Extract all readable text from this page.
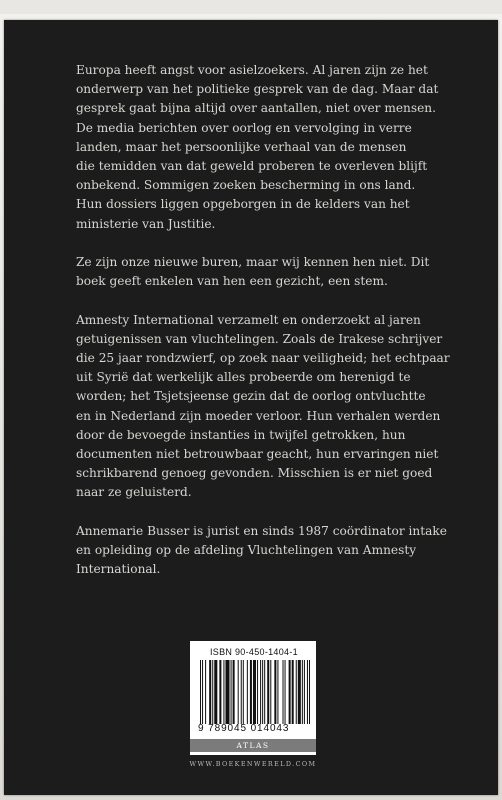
Europa heeft angst voor asielzoekers. Al jaren zijn ze het
onderwerp van het politieke gesprek van de dag. Maar dat
gesprek gaat bijna altijd over aantallen, niet over mensen.
De media berichten over oorlog en vervolging in verre
landen, maar het persoonlijke verhaal van de mensen
die temidden van dat geweld proberen te overleven blijft
onbekend. Sommigen zoeken bescherming in ons land.
Hun dossiers liggen opgeborgen in de kelders van het
ministerie van Justitie.

Ze zijn onze nieuwe buren, maar wij kennen hen niet. Dit
boek geeft enkelen van hen een gezicht, een stem.

Amnesty International verzamelt en onderzoekt al jaren
getuigenissen van vluchtelingen. Zoals de Irakese schrijver
die 25 jaar rondzwierf, op zoek naar veiligheid; het echtpaar
uit Syrië dat werkelijk alles probeerde om herenigd te
worden; het Tsjetsjeense gezin dat de oorlog ontvluchtte
en in Nederland zijn moeder verloor. Hun verhalen werden
door de bevoegde instanties in twijfel getrokken, hun
documenten niet betrouwbaar geacht, hun ervaringen niet
schrikbarend genoeg gevonden. Misschien is er niet goed
naar ze geluisterd.

Annemarie Busser is jurist en sinds 1987 coördinator intake
en opleiding op de afdeling Vluchtelingen van Amnesty
International.

ISBN 90-450-1404-1
9 789045 014043
ATLAS
WWW.BOEKENWERELD.COM
